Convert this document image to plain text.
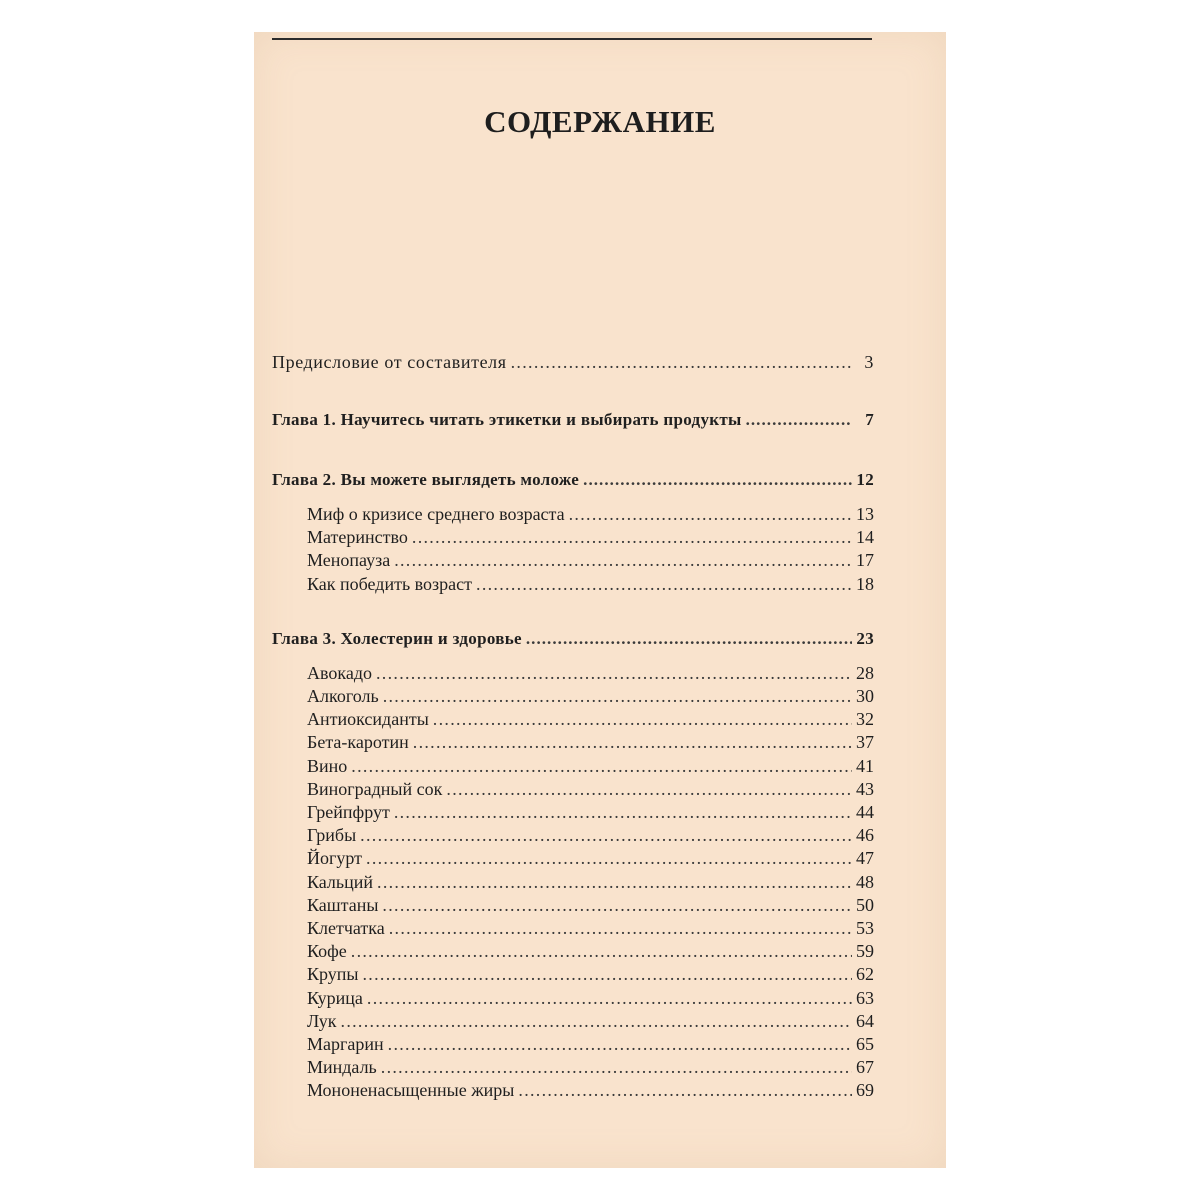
СОДЕРЖАНИЕ
Предисловие от составителя . . .	3
Глава 1. Научитесь читать этикетки и выбирать продукты . . .	7
Глава 2. Вы можете выглядеть моложе . . .	12
Миф о кризисе среднего возраста . . .	13
Материнство . . .	14
Менопауза . . .	17
Как победить возраст . . .	18
Глава 3. Холестерин и здоровье . . .	23
Авокадо . . .	28
Алкоголь . . .	30
Антиоксиданты . . .	32
Бета-каротин . . .	37
Вино . . .	41
Виноградный сок . . .	43
Грейпфрут . . .	44
Грибы . . .	46
Йогурт . . .	47
Кальций . . .	48
Каштаны . . .	50
Клетчатка . . .	53
Кофе . . .	59
Крупы . . .	62
Курица . . .	63
Лук . . .	64
Маргарин . . .	65
Миндаль . . .	67
Мононенасыщенные жиры . . .	69
